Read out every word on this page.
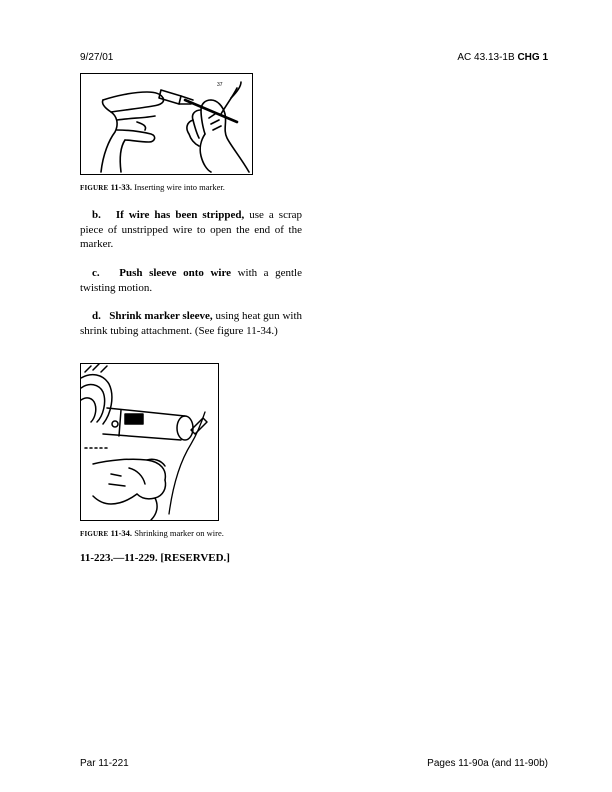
9/27/01	AC 43.13-1B CHG 1
37
FIGURE 11-33. Inserting wire into marker.
b. If wire has been stripped, use a scrap piece of unstripped wire to open the end of the marker.
c. Push sleeve onto wire with a gentle twisting motion.
d. Shrink marker sleeve, using heat gun with shrink tubing attachment. (See figure 11-34.)
FIGURE 11-34. Shrinking marker on wire.
11-223.—11-229. [RESERVED.]
Par 11-221	Pages 11-90a (and 11-90b)
